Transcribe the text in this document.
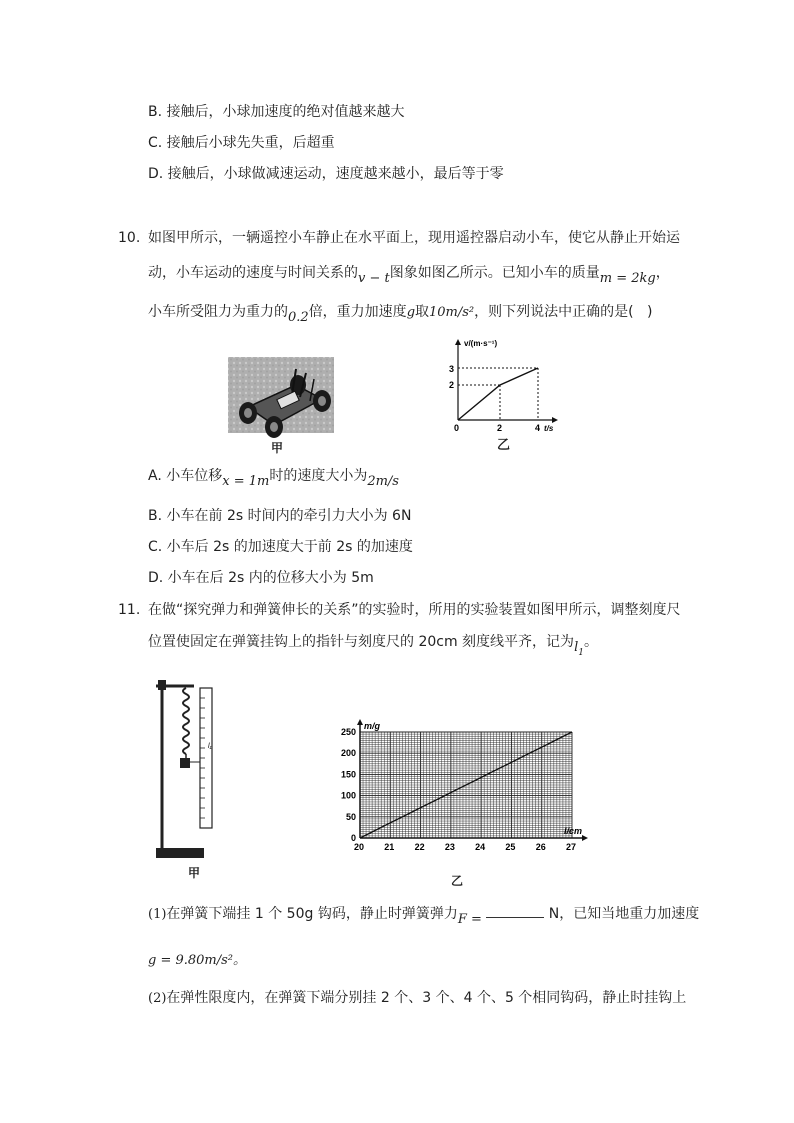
B. 接触后，小球加速度的绝对值越来越大
C. 接触后小球先失重，后超重
D. 接触后，小球做减速运动，速度越来越小，最后等于零
10. 如图甲所示，一辆遥控小车静止在水平面上，现用遥控器启动小车，使它从静止开始运
动，小车运动的速度与时间关系的v − t图象如图乙所示。已知小车的质量m = 2kg，
小车所受阻力为重力的0.2倍，重力加速度g取10m/s²，则下列说法中正确的是( )
甲
v/(m·s⁻¹)
3
2
0	2	4 t/s
乙
A. 小车位移x = 1m时的速度大小为2m/s
B. 小车在前 2s 时间内的牵引力大小为 6N
C. 小车后 2s 的加速度大于前 2s 的加速度
D. 小车在后 2s 内的位移大小为 5m
11. 在做“探究弹力和弹簧伸长的关系”的实验时，所用的实验装置如图甲所示，调整刻度尺
位置使固定在弹簧挂钩上的指针与刻度尺的 20cm 刻度线平齐，记为$l_1$。
l₁
甲
20 21 22 23 24 25 26 27
0
50
100
150
200
250
m/g
l/cm
乙
(1)在弹簧下端挂 1 个 50g 钩码，静止时弹簧弹力F =	N，已知当地重力加速度
g = 9.80m/s²。
(2)在弹性限度内，在弹簧下端分别挂 2 个、3 个、4 个、5 个相同钩码，静止时挂钩上
